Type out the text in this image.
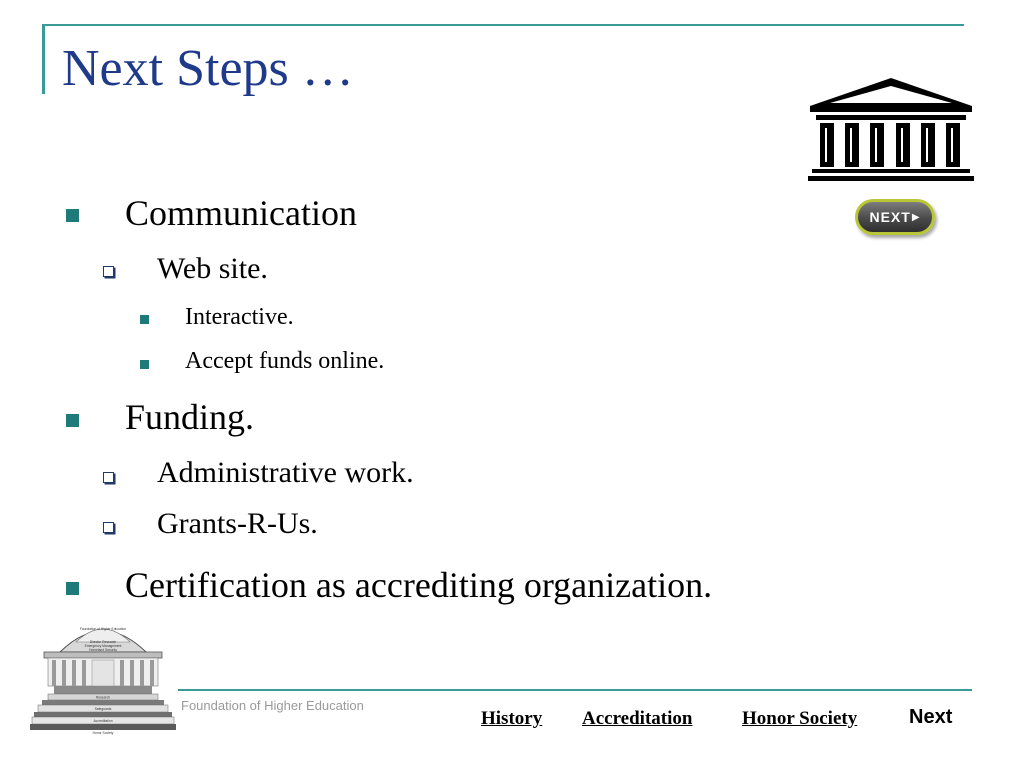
Next Steps …
NEXT ▶
Communication
Web site.
Interactive.
Accept funds online.
Funding.
Administrative work.
Grants-R-Us.
Certification as accrediting organization.
Foundation of Higher Education
Director Research
Emergency Management
Homeland Security
Research
Safeguards
Accreditation
Honor Society
Foundation of Higher Education
History Accreditation	Honor Society	Next
